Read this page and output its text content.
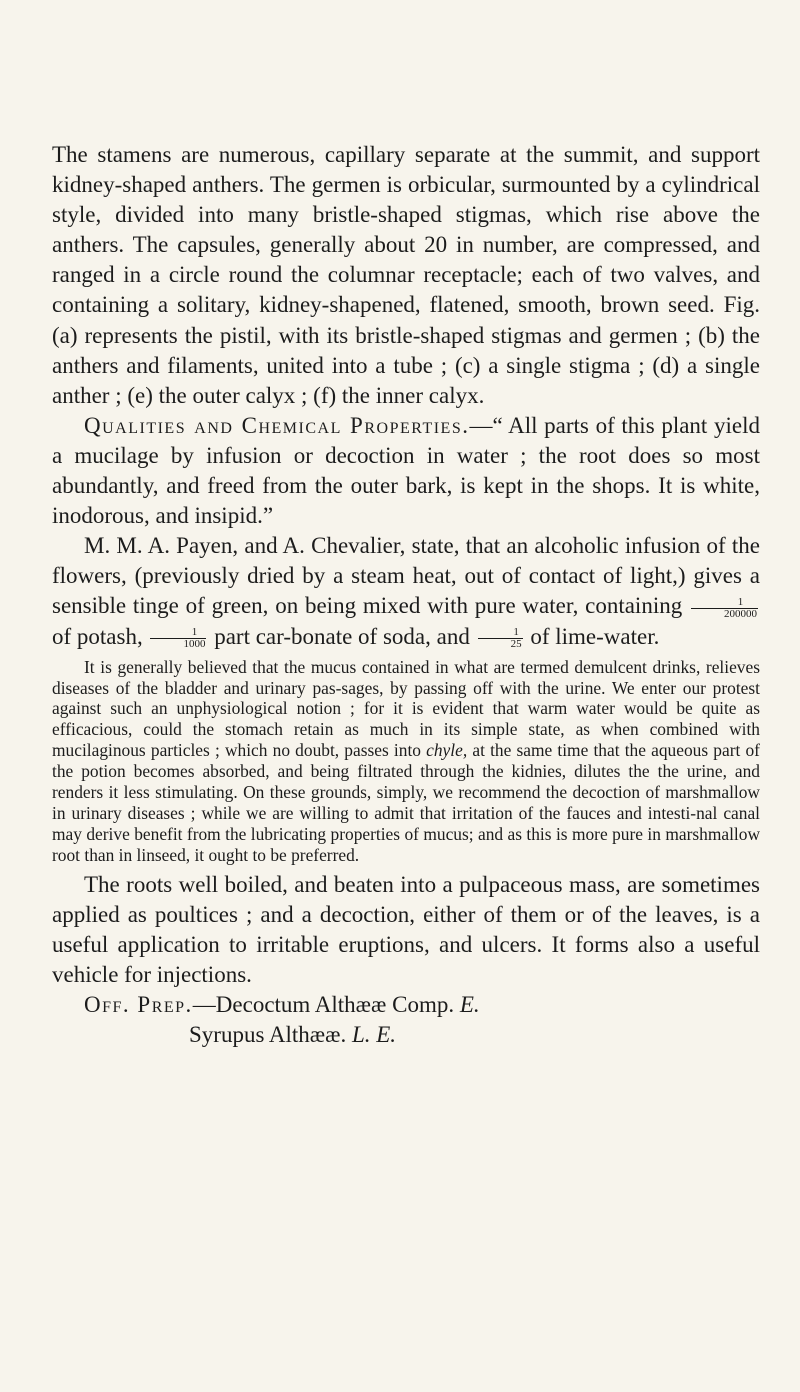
The stamens are numerous, capillary separate at the summit, and support kidney-shaped anthers. The germen is orbicular, surmounted by a cylindrical style, divided into many bristle-shaped stigmas, which rise above the anthers. The capsules, generally about 20 in number, are compressed, and ranged in a circle round the columnar receptacle; each of two valves, and containing a solitary, kidney-shapened, flatened, smooth, brown seed. Fig. (a) represents the pistil, with its bristle-shaped stigmas and germen ; (b) the anthers and filaments, united into a tube ; (c) a single stigma ; (d) a single anther ; (e) the outer calyx ; (f) the inner calyx.

Qualities and Chemical Properties.—“ All parts of this plant yield a mucilage by infusion or decoction in water ; the root does so most abundantly, and freed from the outer bark, is kept in the shops. It is white, inodorous, and insipid.”

M. M. A. Payen, and A. Chevalier, state, that an alcoholic infusion of the flowers, (previously dried by a steam heat, out of contact of light,) gives a sensible tinge of green, on being mixed with pure water, containing $\frac{1}{200000}$
of potash, $\frac{1}{1000}$ part car-bonate of soda, and $\frac{1}{25}$ of lime-water.

It is generally believed that the mucus contained in what are termed demulcent drinks, relieves diseases of the bladder and urinary pas-sages, by passing off with the urine. We enter our protest against such an unphysiological notion ; for it is evident that warm water would be quite as efficacious, could the stomach retain as much in its simple state, as when combined with mucilaginous particles ; which no doubt, passes into chyle, at the same time that the aqueous part of the potion becomes absorbed, and being filtrated through the kidnies, dilutes the the urine, and renders it less stimulating. On these grounds, simply, we recommend the decoction of marshmallow in urinary diseases ; while we are willing to admit that irritation of the fauces and intesti-nal canal may derive benefit from the lubricating properties of mucus; and as this is more pure in marshmallow root than in linseed, it ought to be preferred.

The roots well boiled, and beaten into a pulpaceous mass, are sometimes applied as poultices ; and a decoction, either of them or of the leaves, is a useful application to irritable eruptions, and ulcers. It forms also a useful vehicle for injections.

Off. Prep.—Decoctum Althææ Comp. E.

Syrupus Althææ. L. E.
